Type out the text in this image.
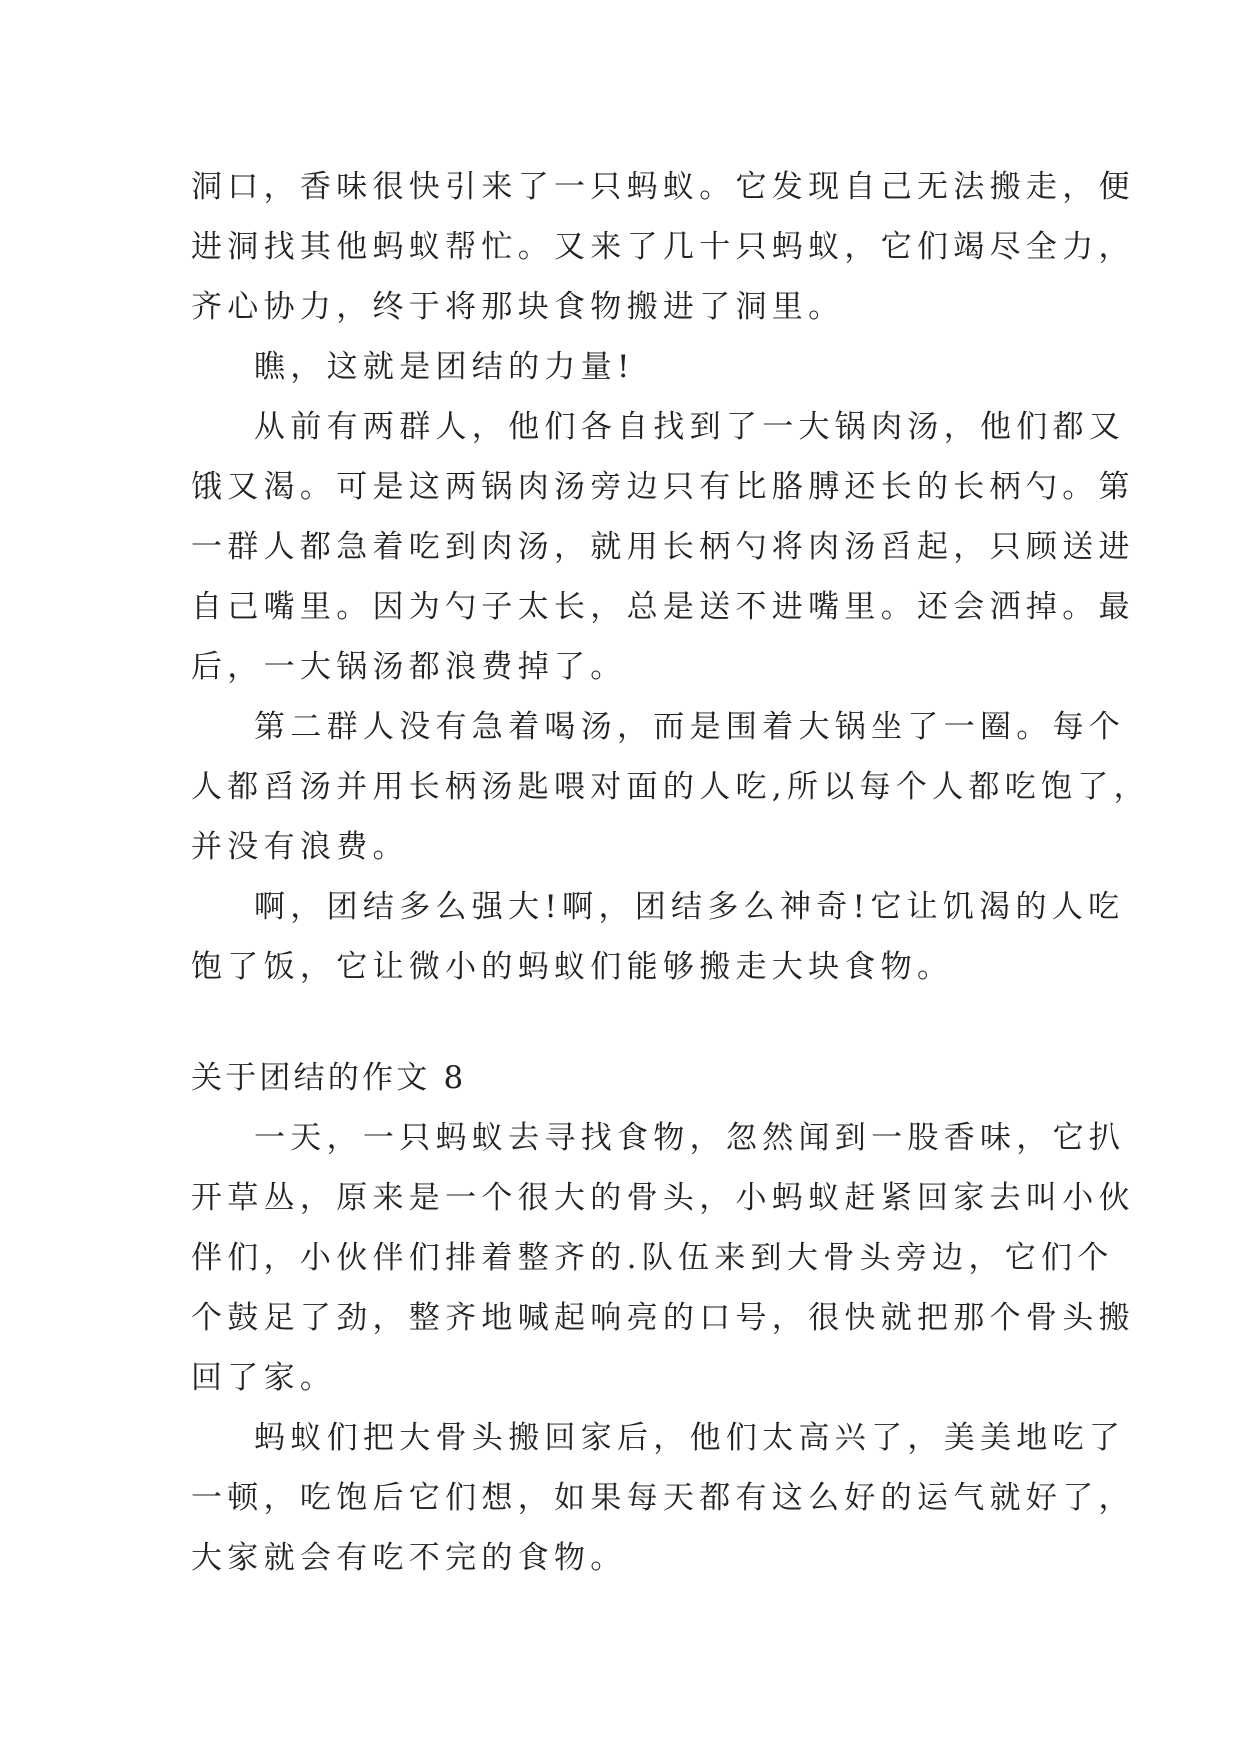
洞口，香味很快引来了一只蚂蚁。它发现自己无法搬走，便

进洞找其他蚂蚁帮忙。又来了几十只蚂蚁，它们竭尽全力，

齐心协力，终于将那块食物搬进了洞里。

瞧，这就是团结的力量!

从前有两群人，他们各自找到了一大锅肉汤，他们都又

饿又渴。可是这两锅肉汤旁边只有比胳膊还长的长柄勺。第

一群人都急着吃到肉汤，就用长柄勺将肉汤舀起，只顾送进

自己嘴里。因为勺子太长，总是送不进嘴里。还会洒掉。最

后，一大锅汤都浪费掉了。

第二群人没有急着喝汤，而是围着大锅坐了一圈。每个

人都舀汤并用长柄汤匙喂对面的人吃,所以每个人都吃饱了，

并没有浪费。

啊，团结多么强大!啊，团结多么神奇!它让饥渴的人吃

饱了饭，它让微小的蚂蚁们能够搬走大块食物。

关于团结的作文 8

一天，一只蚂蚁去寻找食物，忽然闻到一股香味，它扒

开草丛，原来是一个很大的骨头，小蚂蚁赶紧回家去叫小伙

伴们，小伙伴们排着整齐的.队伍来到大骨头旁边，它们个

个鼓足了劲，整齐地喊起响亮的口号，很快就把那个骨头搬

回了家。

蚂蚁们把大骨头搬回家后，他们太高兴了，美美地吃了

一顿，吃饱后它们想，如果每天都有这么好的运气就好了，

大家就会有吃不完的食物。
